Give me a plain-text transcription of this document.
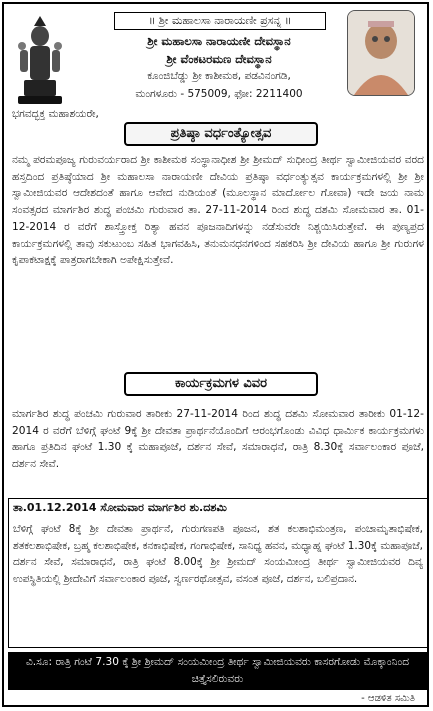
॥ ಶ್ರೀ ಮಹಾಲಸಾ ನಾರಾಯಣೀ ಪ್ರಸನ್ನ ॥
ಶ್ರೀ ಮಹಾಲಸಾ ನಾರಾಯಣೀ ದೇವಸ್ಥಾನ
ಶ್ರೀ ವೆಂಕಟರಮಣ ದೇವಸ್ಥಾನ
ಕೂಂಜಿಬೆಡ್ಡು ಶ್ರೀ ಕಾಶೀಮಠ, ಪಡವಿನಂಗಡಿ,
ಮಂಗಳೂರು - 575009, ಫೋ: 2211400
ಭಗವದ್ಭಕ್ತ ಮಹಾಶಯರೇ,
ಪ್ರತಿಷ್ಠಾ ವರ್ಧಂತ್ಯೋತ್ಸವ
ನಮ್ಮ ಪರಮಪೂಜ್ಯ ಗುರುವರ್ಯರಾದ ಶ್ರೀ ಕಾಶೀಮಠ ಸಂಸ್ಥಾನಾಧೀಶ ಶ್ರೀ ಶ್ರೀಮದ್ ಸುಧೀಂದ್ರ ತೀರ್ಥ ಸ್ವಾಮೀಜಿಯವರ ವರದ ಹಸ್ತದಿಂದ ಪ್ರತಿಷ್ಠೆಯಾದ ಶ್ರೀ ಮಹಾಲಸಾ ನಾರಾಯಣೀ ದೇವಿಯ ಪ್ರತಿಷ್ಠಾ ವರ್ಧಂತ್ಯುತ್ಸವ ಕಾರ್ಯಕ್ರಮಗಳಲ್ಲಿ ಶ್ರೀ ಶ್ರೀ ಸ್ವಾಮೀಜಿಯವರ ಆದೇಶದಂತೆ ಹಾಗೂ ಆವೇದ ನುಡಿಯಂತೆ (ಮೂಲಸ್ಥಾನ ಮಾರ್ದೋಲ ಗೋವಾ) ಇದೇ ಜಯ ನಾಮ ಸಂವತ್ಸರದ ಮಾರ್ಗಶಿರ ಶುದ್ಧ ಪಂಚಮಿ ಗುರುವಾರ ತಾ. 27-11-2014 ರಿಂದ ಶುದ್ಧ ದಶಮಿ ಸೋಮವಾರ ತಾ. 01-12-2014 ರ ವರೆಗೆ ಶಾಸ್ತ್ರೋಕ್ತ ರಿತ್ಯಾ ಹವನ ಪೂಜನಾದಿಗಳನ್ನು ನಡೆಸುವರೇ ನಿಶ್ಚಯಿಸಿರುತ್ತೇವೆ. ಈ ಪುಣ್ಯಪ್ರದ ಕಾರ್ಯಕ್ರಮಗಳಲ್ಲಿ ತಾವು ಸಕುಟುಂಬ ಸಹಿತ ಭಾಗವಹಿಸಿ, ತನುಮನಧನಗಳಿಂದ ಸಹಕರಿಸಿ ಶ್ರೀ ದೇವಿಯ ಹಾಗೂ ಶ್ರೀ ಗುರುಗಳ ಕೃಪಾಕಟಾಕ್ಷಕ್ಕೆ ಪಾತ್ರರಾಗಬೇಕಾಗಿ ಅಪೇಕ್ಷಿಸುತ್ತೇವೆ.
ಕಾರ್ಯಕ್ರಮಗಳ ವಿವರ
ಮಾರ್ಗಶಿರ ಶುದ್ಧ ಪಂಚಮಿ ಗುರುವಾರ ತಾರೀಕು 27-11-2014 ರಿಂದ ಶುದ್ಧ ದಶಮಿ ಸೋಮವಾರ ತಾರೀಕು 01-12-2014 ರ ವರೆಗೆ ಬೆಳಿಗ್ಗೆ ಘಂಟೆ 9ಕ್ಕೆ ಶ್ರೀ ದೇವತಾ ಪ್ರಾರ್ಥನೆಯೊಂದಿಗೆ ಆರಂಭಗೊಂಡು ವಿವಿಧ ಧಾರ್ಮಿಕ ಕಾರ್ಯಕ್ರಮಗಳು ಹಾಗೂ ಪ್ರತಿದಿನ ಘಂಟೆ 1.30 ಕ್ಕೆ ಮಹಾಪೂಜೆ, ದರ್ಶನ ಸೇವೆ, ಸಮಾರಾಧನೆ, ರಾತ್ರಿ 8.30ಕ್ಕೆ ಸರ್ವಾಲಂಕಾರ ಪೂಜೆ, ದರ್ಶನ ಸೇವೆ.
ತಾ.01.12.2014 ಸೋಮವಾರ ಮಾರ್ಗಶಿರ ಶು.ದಶಮಿ
ಬೆಳಿಗ್ಗೆ ಘಂಟೆ 8ಕ್ಕೆ ಶ್ರೀ ದೇವತಾ ಪ್ರಾರ್ಥನೆ, ಗುರುಗಣಪತಿ ಪೂಜನ, ಶತ ಕಲಶಾಭಿಮಂತ್ರಣ, ಪಂಚಾಮೃತಾಭಿಷೇಕ, ಶತಕಲಶಾಭಿಷೇಕ, ಬ್ರಹ್ಮ ಕಲಶಾಭಿಷೇಕ, ಕನಕಾಭಿಷೇಕ, ಗಂಗಾಭಿಷೇಕ, ಸಾನಿಧ್ಯ ಹವನ, ಮಧ್ಯಾಹ್ನ ಘಂಟೆ 1.30ಕ್ಕೆ ಮಹಾಪೂಜೆ, ದರ್ಶನ ಸೇವೆ, ಸಮಾರಾಧನೆ, ರಾತ್ರಿ ಘಂಟೆ 8.00ಕ್ಕೆ ಶ್ರೀ ಶ್ರೀಮದ್ ಸಂಯಮೀಂದ್ರ ತೀರ್ಥ ಸ್ವಾಮೀಜಿಯವರ ದಿವ್ಯ ಉಪಸ್ಥಿತಿಯಲ್ಲಿ ಶ್ರೀದೇವಿಗೆ ಸರ್ವಾಲಂಕಾರ ಪೂಜೆ, ಸ್ವರ್ಣರಥೋತ್ಸವ, ವಸಂತ ಪೂಜೆ, ದರ್ಶನ, ಬಲಿಪ್ರದಾನ.
ವಿ.ಸೂ: ರಾತ್ರಿ ಗಂಟೆ 7.30 ಕ್ಕೆ ಶ್ರೀ ಶ್ರೀಮದ್ ಸಂಯಮೀಂದ್ರ ತೀರ್ಥ ಸ್ವಾಮೀಜಿಯವರು ಕಾಸರಗೋಡು ಮೊಕ್ಕಾಂನಿಂದ ಚಿತ್ತೈಸಲಿರುವರು
- ಆಡಳಿತ ಸಮಿತಿ
